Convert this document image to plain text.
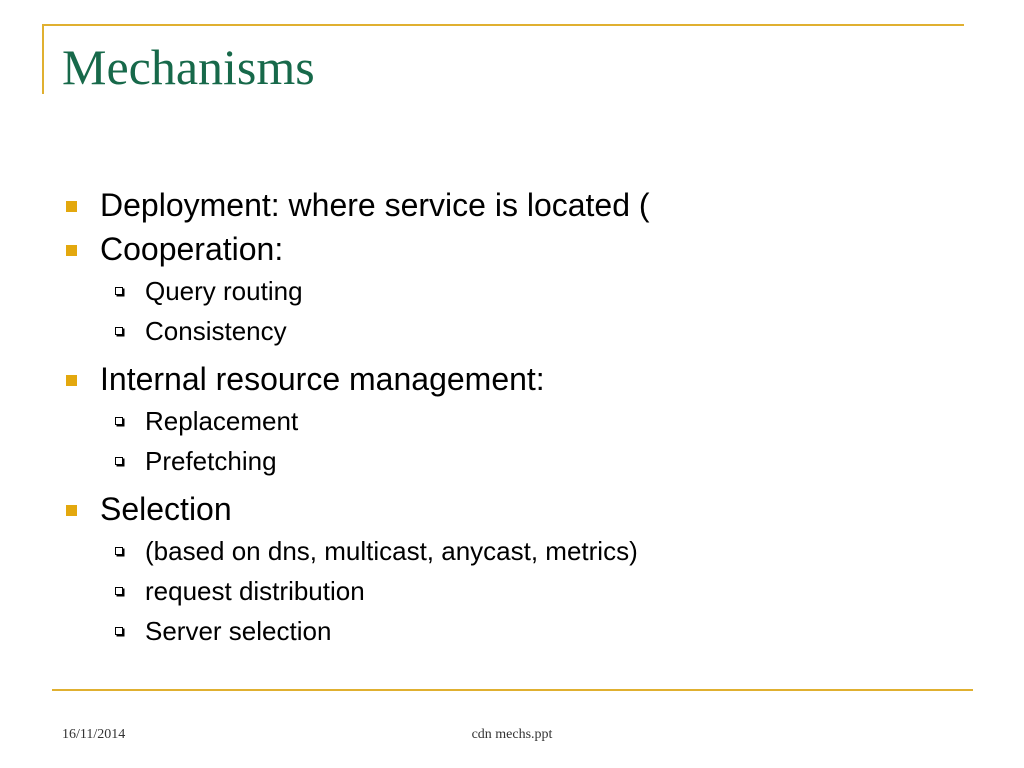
Mechanisms
Deployment: where service is located (
Cooperation:
Query routing
Consistency
Internal resource management:
Replacement
Prefetching
Selection
(based on dns, multicast, anycast, metrics)
request distribution
Server selection
16/11/2014	cdn mechs.ppt
